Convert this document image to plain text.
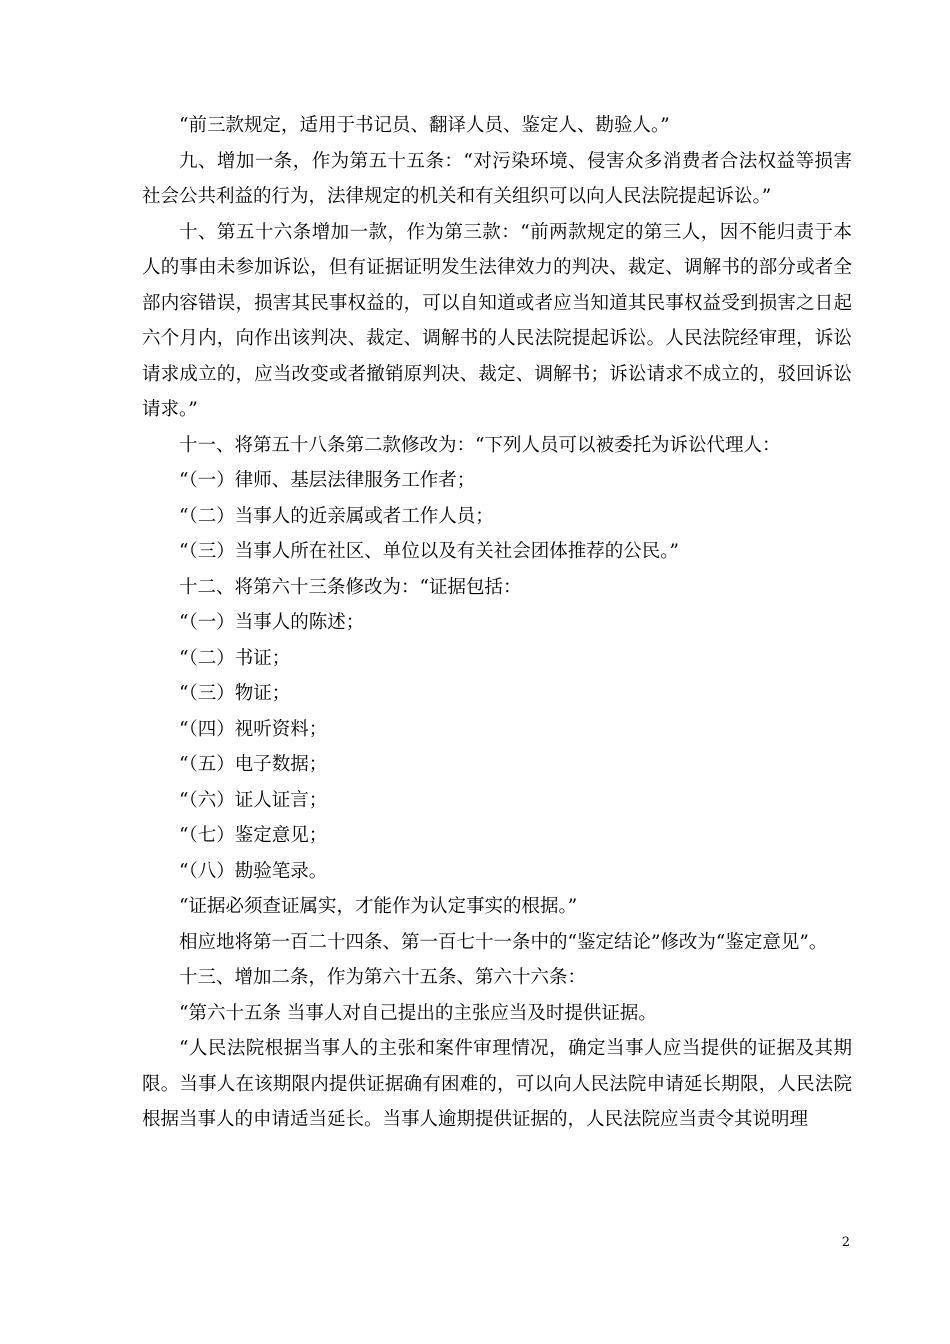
“前三款规定，适用于书记员、翻译人员、鉴定人、勘验人。”

九、增加一条，作为第五十五条：“对污染环境、侵害众多消费者合法权益等损害社会公共利益的行为，法律规定的机关和有关组织可以向人民法院提起诉讼。”

十、第五十六条增加一款，作为第三款：“前两款规定的第三人，因不能归责于本人的事由未参加诉讼，但有证据证明发生法律效力的判决、裁定、调解书的部分或者全部内容错误，损害其民事权益的，可以自知道或者应当知道其民事权益受到损害之日起六个月内，向作出该判决、裁定、调解书的人民法院提起诉讼。人民法院经审理，诉讼请求成立的，应当改变或者撤销原判决、裁定、调解书；诉讼请求不成立的，驳回诉讼请求。”

十一、将第五十八条第二款修改为：“下列人员可以被委托为诉讼代理人：

“（一）律师、基层法律服务工作者；

“（二）当事人的近亲属或者工作人员；

“（三）当事人所在社区、单位以及有关社会团体推荐的公民。”

十二、将第六十三条修改为：“证据包括：

“（一）当事人的陈述；

“（二）书证；

“（三）物证；

“（四）视听资料；

“（五）电子数据；

“（六）证人证言；

“（七）鉴定意见；

“（八）勘验笔录。

“证据必须查证属实，才能作为认定事实的根据。”

相应地将第一百二十四条、第一百七十一条中的“鉴定结论”修改为“鉴定意见”。

十三、增加二条，作为第六十五条、第六十六条：

“第六十五条 当事人对自己提出的主张应当及时提供证据。

“人民法院根据当事人的主张和案件审理情况，确定当事人应当提供的证据及其期限。当事人在该期限内提供证据确有困难的，可以向人民法院申请延长期限，人民法院根据当事人的申请适当延长。当事人逾期提供证据的，人民法院应当责令其说明理

2
